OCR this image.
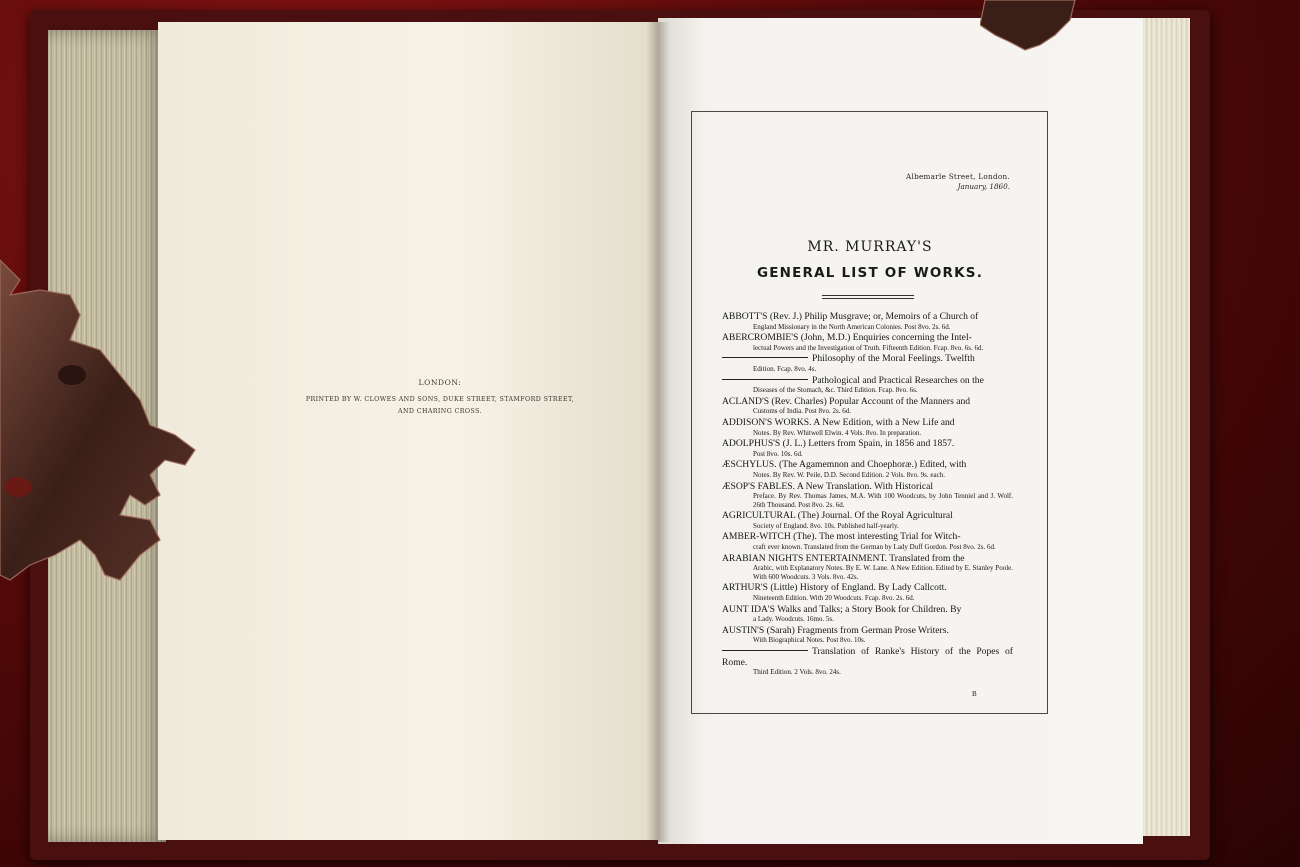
LONDON:
PRINTED BY W. CLOWES AND SONS, DUKE STREET, STAMFORD STREET,
AND CHARING CROSS.
Albemarle Street, London.
January, 1860.
MR. MURRAY'S
GENERAL LIST OF WORKS.
ABBOTT'S (Rev. J.) Philip Musgrave; or, Memoirs of a Church of
England Missionary in the North American Colonies. Post 8vo. 2s. 6d.
ABERCROMBIE'S (John, M.D.) Enquiries concerning the Intel-
lectual Powers and the Investigation of Truth. Fifteenth Edition. Fcap. 8vo. 6s. 6d.
Philosophy of the Moral Feelings. Twelfth
Edition. Fcap. 8vo. 4s.
Pathological and Practical Researches on the
Diseases of the Stomach, &c. Third Edition. Fcap. 8vo. 6s.
ACLAND'S (Rev. Charles) Popular Account of the Manners and
Customs of India. Post 8vo. 2s. 6d.
ADDISON'S WORKS. A New Edition, with a New Life and
Notes. By Rev. Whitwell Elwin. 4 Vols. 8vo. In preparation.
ADOLPHUS'S (J. L.) Letters from Spain, in 1856 and 1857.
Post 8vo. 10s. 6d.
ÆSCHYLUS. (The Agamemnon and Choephoræ.) Edited, with
Notes. By Rev. W. Peile, D.D. Second Edition. 2 Vols. 8vo. 9s. each.
ÆSOP'S FABLES. A New Translation. With Historical
Preface. By Rev. Thomas James, M.A. With 100 Woodcuts, by John Tenniel and J. Wolf. 26th Thousand. Post 8vo. 2s. 6d.
AGRICULTURAL (The) Journal. Of the Royal Agricultural
Society of England. 8vo. 10s. Published half-yearly.
AMBER-WITCH (The). The most interesting Trial for Witch-
craft ever known. Translated from the German by Lady Duff Gordon. Post 8vo. 2s. 6d.
ARABIAN NIGHTS ENTERTAINMENT. Translated from the
Arabic, with Explanatory Notes. By E. W. Lane. A New Edition. Edited by E. Stanley Poole. With 600 Woodcuts. 3 Vols. 8vo. 42s.
ARTHUR'S (Little) History of England. By Lady Callcott.
Nineteenth Edition. With 20 Woodcuts. Fcap. 8vo. 2s. 6d.
AUNT IDA'S Walks and Talks; a Story Book for Children. By
a Lady. Woodcuts. 16mo. 5s.
AUSTIN'S (Sarah) Fragments from German Prose Writers.
With Biographical Notes. Post 8vo. 10s.
Translation of Ranke's History of the Popes of Rome.
Third Edition. 2 Vols. 8vo. 24s.
B
